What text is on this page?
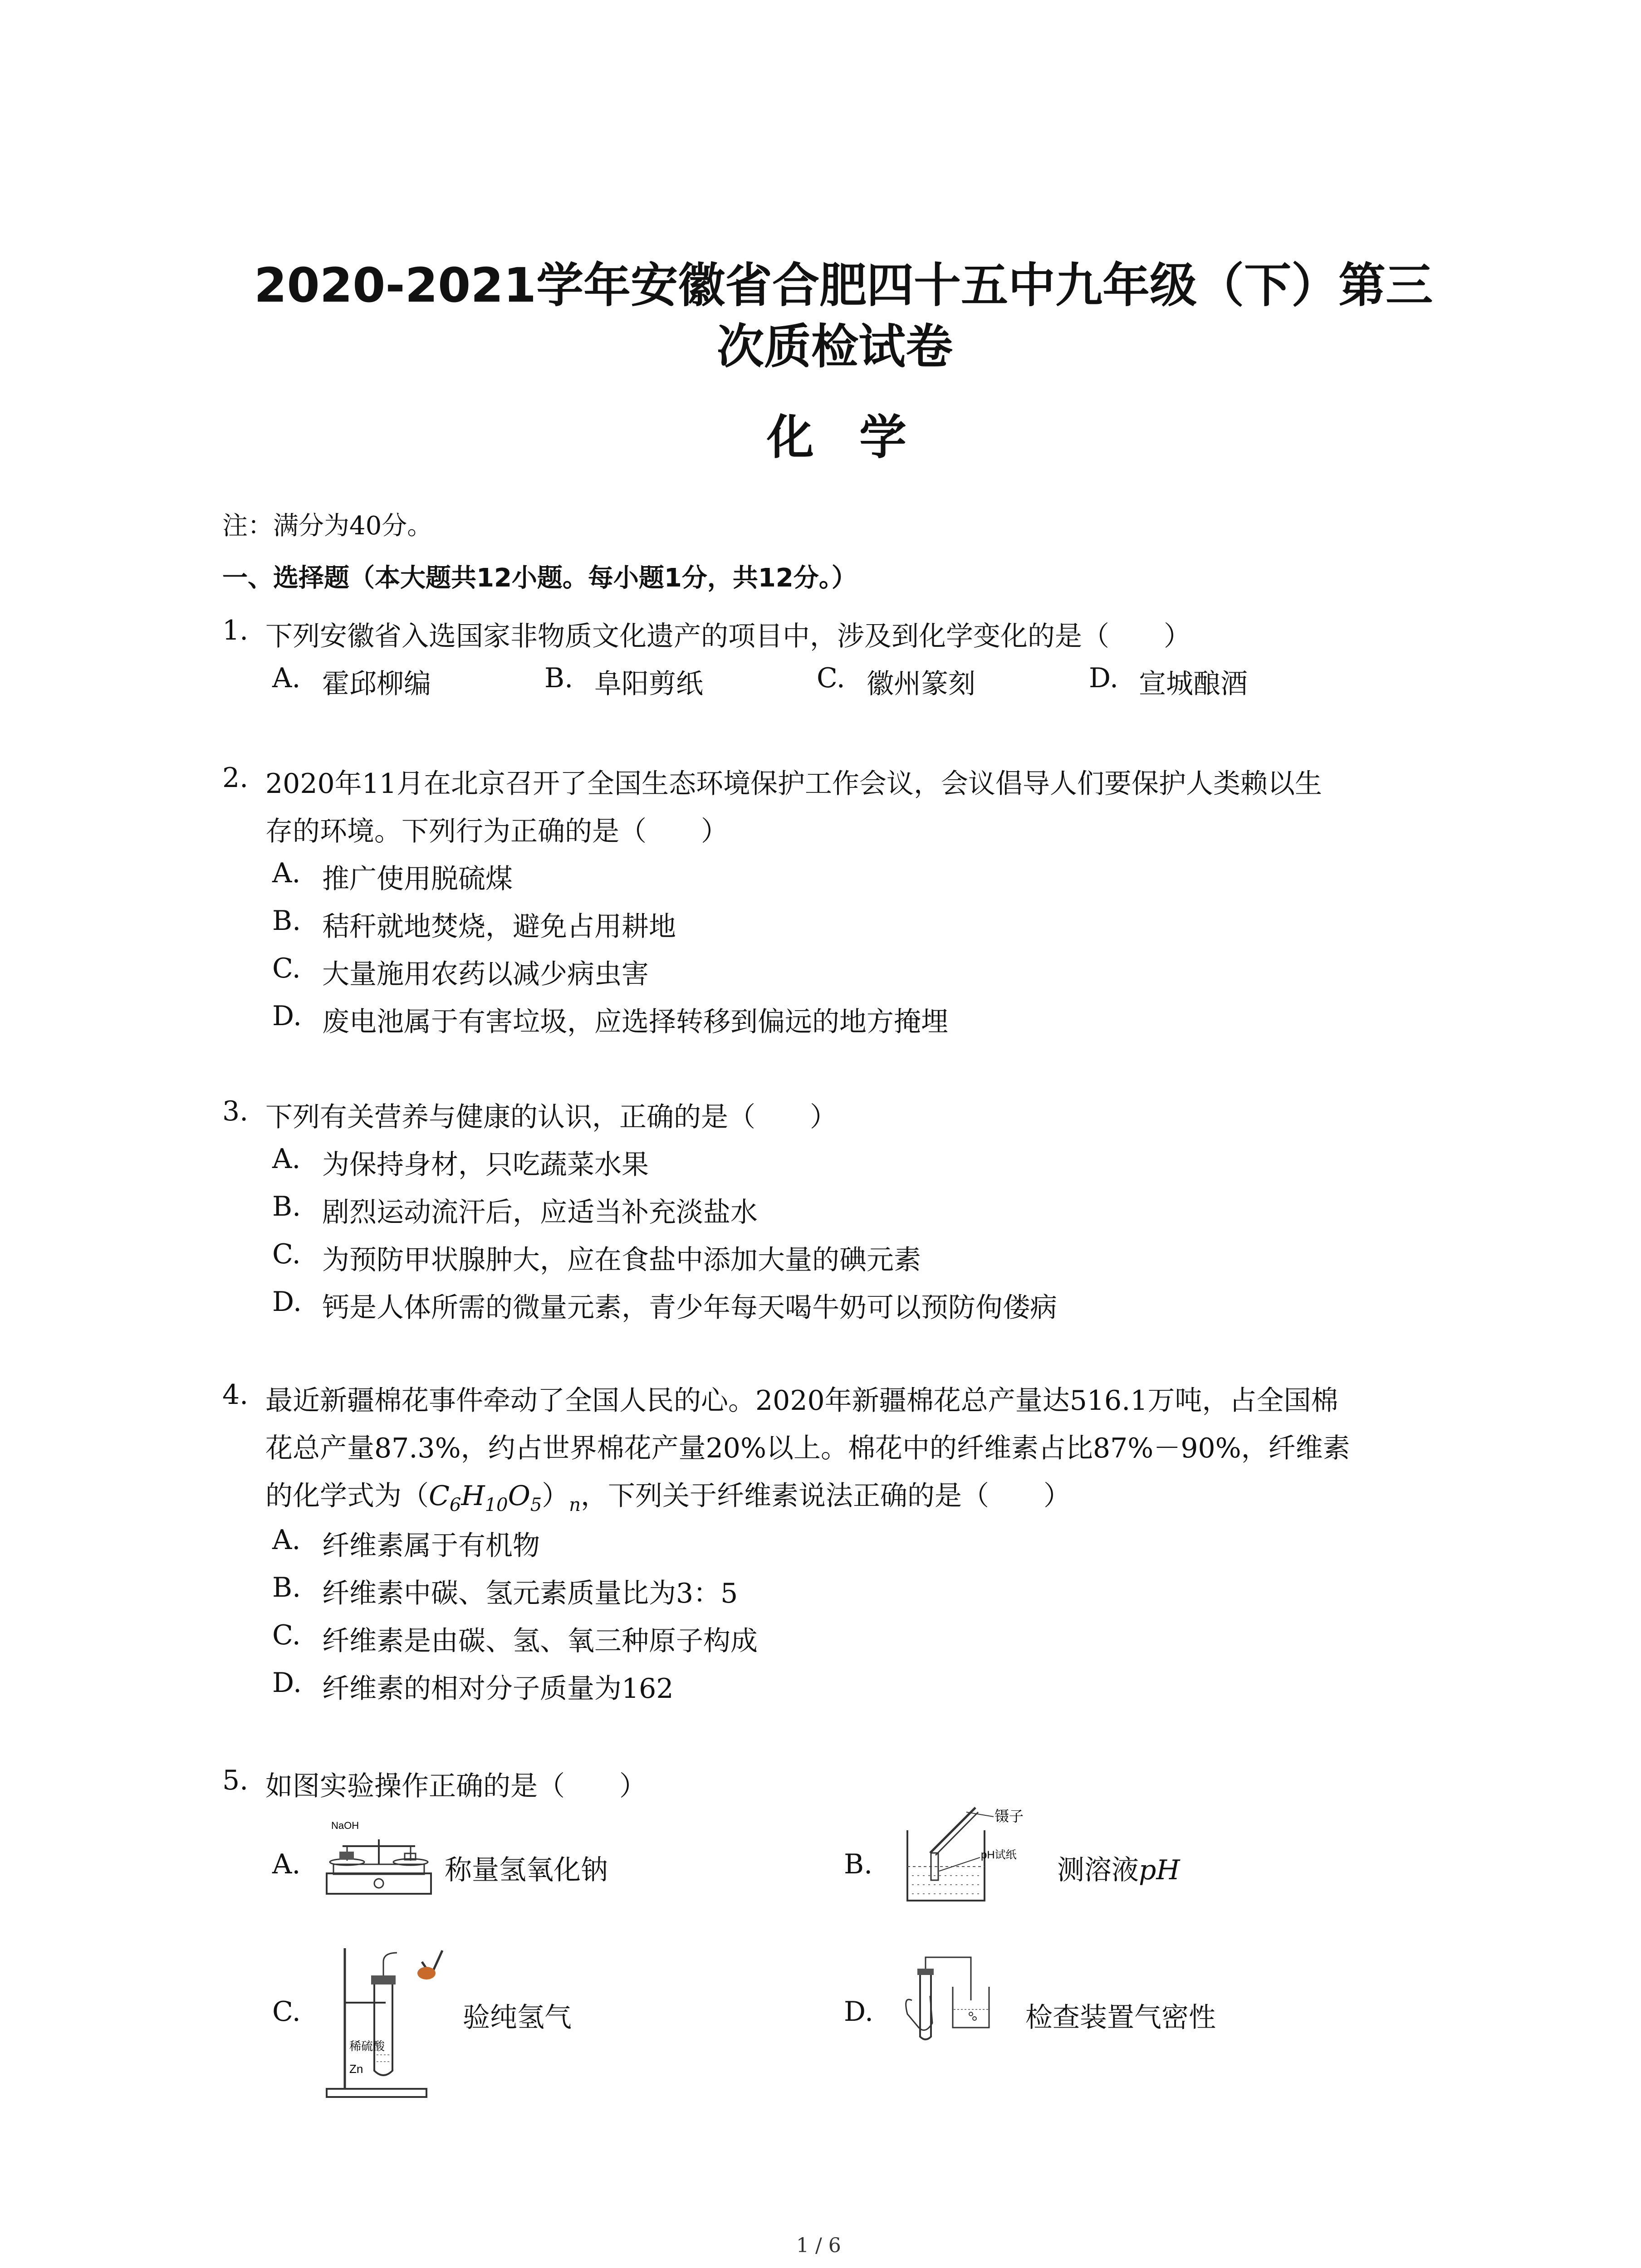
2020-2021学年安徽省合肥四十五中九年级（下）第三
次质检试卷
化学
注：满分为40分。
一、选择题（本大题共12小题。每小题1分，共12分。）
1. 下列安徽省入选国家非物质文化遗产的项目中，涉及到化学变化的是（　　）
A. 霍邱柳编	B. 阜阳剪纸	C. 徽州篆刻	D. 宣城酿酒
2. 2020年11月在北京召开了全国生态环境保护工作会议，会议倡导人们要保护人类赖以生
存的环境。下列行为正确的是（　　）
A. 推广使用脱硫煤
B. 秸秆就地焚烧，避免占用耕地
C. 大量施用农药以减少病虫害
D. 废电池属于有害垃圾，应选择转移到偏远的地方掩埋
3. 下列有关营养与健康的认识，正确的是（　　）
A. 为保持身材，只吃蔬菜水果
B. 剧烈运动流汗后，应适当补充淡盐水
C. 为预防甲状腺肿大，应在食盐中添加大量的碘元素
D. 钙是人体所需的微量元素，青少年每天喝牛奶可以预防佝偻病
4. 最近新疆棉花事件牵动了全国人民的心。2020年新疆棉花总产量达516.1万吨，占全国棉
花总产量87.3%，约占世界棉花产量20%以上。棉花中的纤维素占比87%－90%，纤维素
的化学式为$(C_6H_{10}O_5)_n$，下列关于纤维素说法正确的是（　　）
A. 纤维素属于有机物
B. 纤维素中碳、氢元素质量比为3：5
C. 纤维素是由碳、氢、氧三种原子构成
D. 纤维素的相对分子质量为162
5. 如图实验操作正确的是（　　）
A.
NaOH
称量氢氧化钠	B.
镊子
pH试纸 测溶液pH
C.
稀硫酸
Zn
验纯氢气	D.	检查装置气密性
1 / 6
